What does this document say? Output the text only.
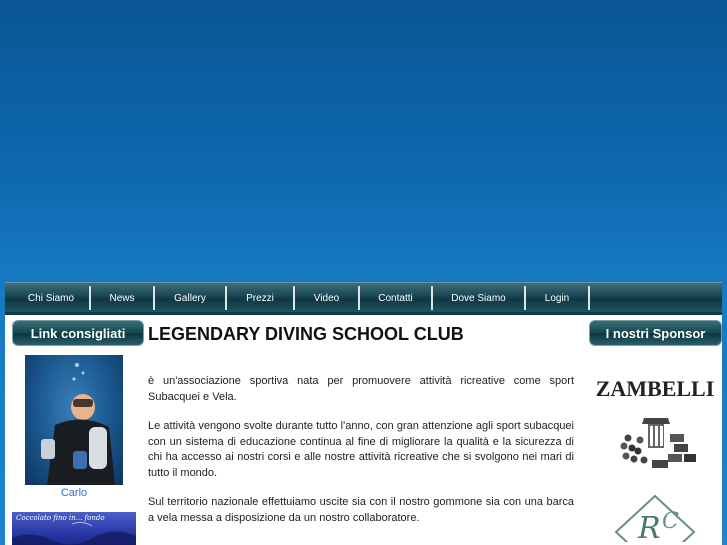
Chi Siamo	News	Gallery	Prezzi	Video	Contatti	Dove Siamo	Login
Link consigliati
Carlo
Coccolato fino in... fondo
LEGENDARY DIVING SCHOOL CLUB

è un'associazione sportiva nata per promuovere attività ricreative come sport Subacquei e Vela.

Le attività vengono svolte durante tutto l'anno, con gran attenzione agli sport subacquei con un sistema di educazione continua al fine di migliorare la qualità e la sicurezza di chi ha accesso ai nostri corsi e alle nostre attività ricreative che si svolgono nei mari di tutto il mondo.

Sul territorio nazionale effettuiamo uscite sia con il nostro gommone sia con una barca a vela messa a disposizione da un nostro collaboratore.

I nostri Sponsor
ZAMBELLI
R C
